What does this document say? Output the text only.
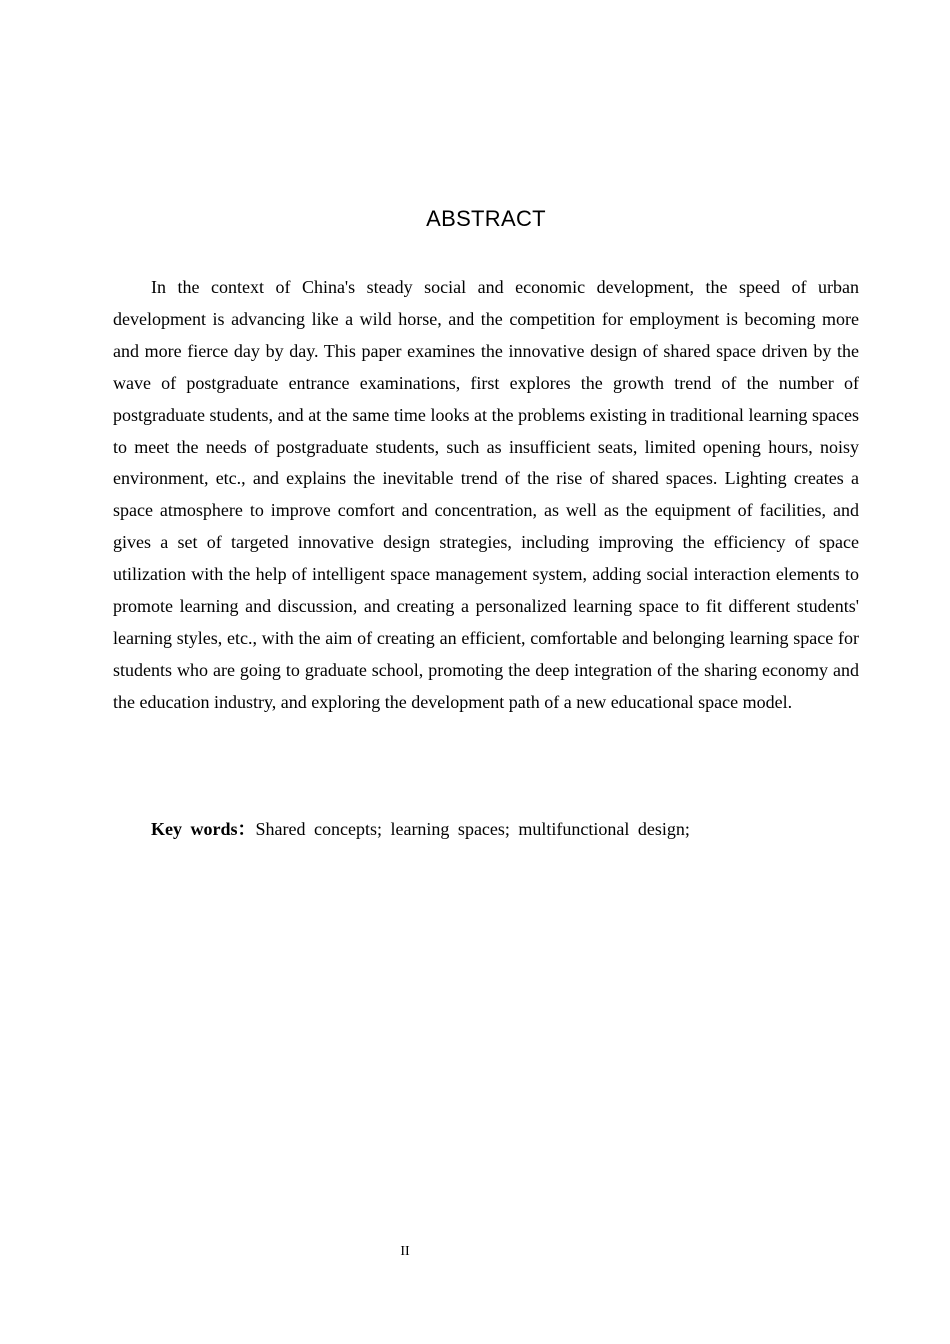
ABSTRACT

In the context of China's steady social and economic development, the speed of urban development is advancing like a wild horse, and the competition for employment is becoming more and more fierce day by day. This paper examines the innovative design of shared space driven by the wave of postgraduate entrance examinations, first explores the growth trend of the number of postgraduate students, and at the same time looks at the problems existing in traditional learning spaces to meet the needs of postgraduate students, such as insufficient seats, limited opening hours, noisy environment, etc., and explains the inevitable trend of the rise of shared spaces. Lighting creates a space atmosphere to improve comfort and concentration, as well as the equipment of facilities, and gives a set of targeted innovative design strategies, including improving the efficiency of space utilization with the help of intelligent space management system, adding social interaction elements to promote learning and discussion, and creating a personalized learning space to fit different students' learning styles, etc., with the aim of creating an efficient, comfortable and belonging learning space for students who are going to graduate school, promoting the deep integration of the sharing economy and the education industry, and exploring the development path of a new educational space model.

Key words：Shared concepts; learning spaces; multifunctional design;

II
